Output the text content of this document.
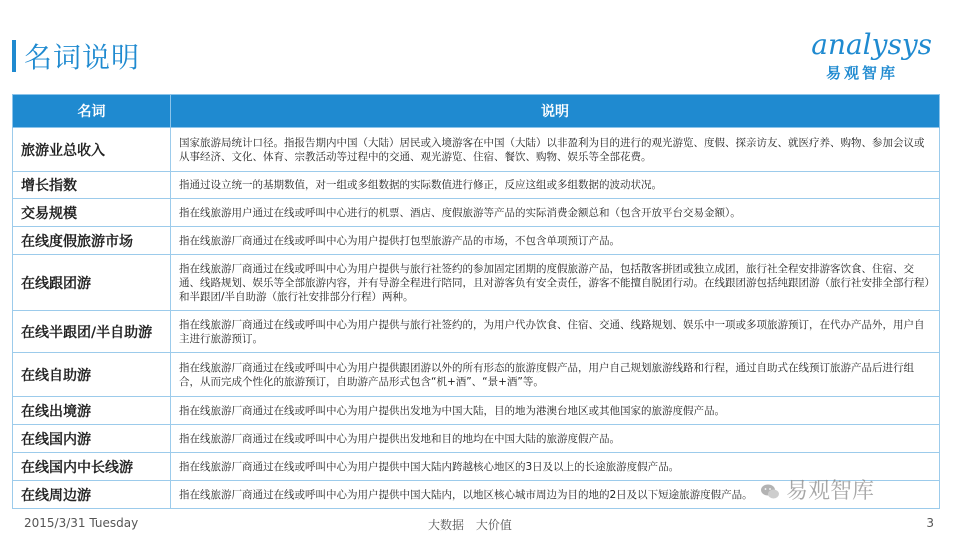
名词说明	analysys
易观智库
名词	说明
旅游业总收入	国家旅游局统计口径。指报告期内中国（大陆）居民或入境游客在中国（大陆）以非盈利为目的进行的观光游览、度假、探亲访友、就医疗养、购物、参加会议或从事经济、文化、体育、宗教活动等过程中的交通、观光游览、住宿、餐饮、购物、娱乐等全部花费。
增长指数	指通过设立统一的基期数值，对一组或多组数据的实际数值进行修正，反应这组或多组数据的波动状况。
交易规模	指在线旅游用户通过在线或呼叫中心进行的机票、酒店、度假旅游等产品的实际消费金额总和（包含开放平台交易金额）。
在线度假旅游市场	指在线旅游厂商通过在线或呼叫中心为用户提供打包型旅游产品的市场，不包含单项预订产品。
在线跟团游	指在线旅游厂商通过在线或呼叫中心为用户提供与旅行社签约的参加固定团期的度假旅游产品，包括散客拼团或独立成团，旅行社全程安排游客饮食、住宿、交通、线路规划、娱乐等全部旅游内容，并有导游全程进行陪同，且对游客负有安全责任，游客不能擅自脱团行动。在线跟团游包括纯跟团游（旅行社安排全部行程）和半跟团/半自助游（旅行社安排部分行程）两种。
在线半跟团/半自助游	指在线旅游厂商通过在线或呼叫中心为用户提供与旅行社签约的，为用户代办饮食、住宿、交通、线路规划、娱乐中一项或多项旅游预订，在代办产品外，用户自主进行旅游预订。
在线自助游	指在线旅游厂商通过在线或呼叫中心为用户提供跟团游以外的所有形态的旅游度假产品，用户自己规划旅游线路和行程，通过自助式在线预订旅游产品后进行组合，从而完成个性化的旅游预订，自助游产品形式包含“机+酒”、“景+酒”等。
在线出境游	指在线旅游厂商通过在线或呼叫中心为用户提供出发地为中国大陆，目的地为港澳台地区或其他国家的旅游度假产品。
在线国内游	指在线旅游厂商通过在线或呼叫中心为用户提供出发地和目的地均在中国大陆的旅游度假产品。
在线国内中长线游	指在线旅游厂商通过在线或呼叫中心为用户提供中国大陆内跨越核心地区的3日及以上的长途旅游度假产品。
在线周边游	指在线旅游厂商通过在线或呼叫中心为用户提供中国大陆内，以地区核心城市周边为目的地的2日及以下短途旅游度假产品。	易观智库
2015/3/31 Tuesday	大数据 大价值	3
